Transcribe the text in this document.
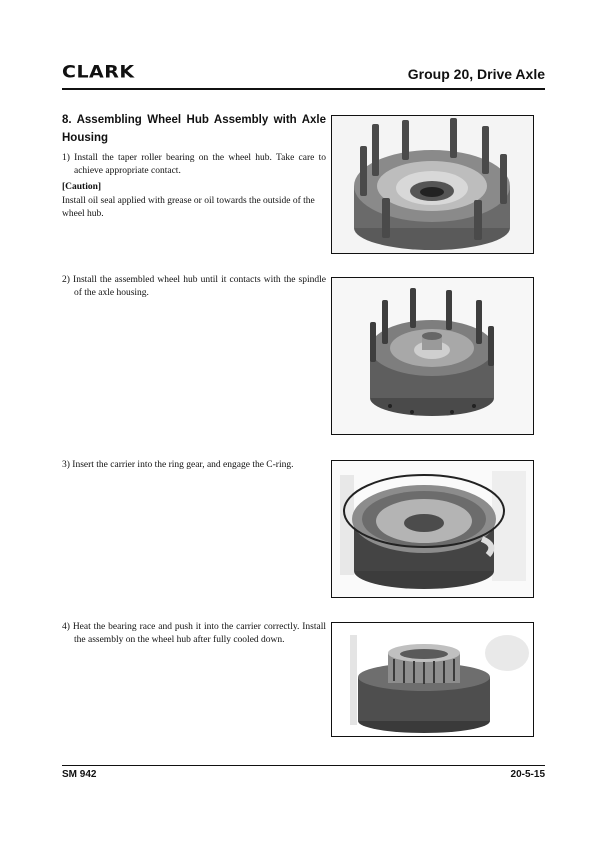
CLARK	Group 20, Drive Axle
8. Assembling Wheel Hub Assembly with Axle Housing
1) Install the taper roller bearing on the wheel hub. Take care to achieve appropriate contact.
[Caution]
Install oil seal applied with grease or oil towards the outside of the wheel hub.
2) Install the assembled wheel hub until it contacts with the spindle of the axle housing.
3) Insert the carrier into the ring gear, and engage the C-ring.
4) Heat the bearing race and push it into the carrier correctly. Install the assembly on the wheel hub after fully cooled down.
SM 942	20-5-15
